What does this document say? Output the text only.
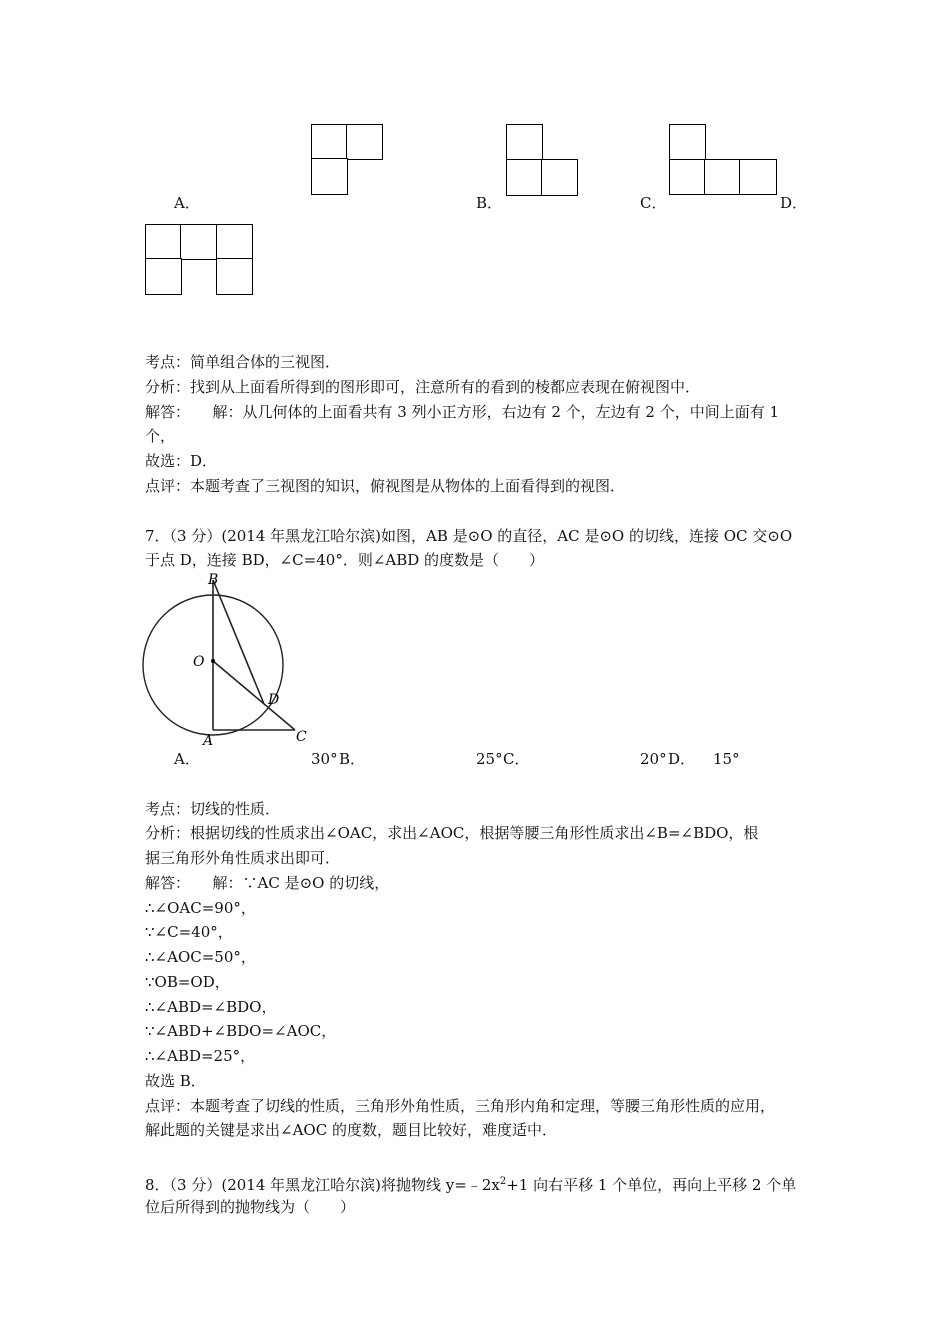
A．	B．	C．	D．
考点：简单组合体的三视图．
分析：找到从上面看所得到的图形即可，注意所有的看到的棱都应表现在俯视图中．
解答：　　解：从几何体的上面看共有 3 列小正方形，右边有 2 个，左边有 2 个，中间上面有 1
个，
故选：D．
点评：本题考查了三视图的知识，俯视图是从物体的上面看得到的视图．
7．（3 分）(2014 年黑龙江哈尔滨)如图，AB 是⊙O 的直径，AC 是⊙O 的切线，连接 OC 交⊙O
于点 D，连接 BD，∠C=40°．则∠ABD 的度数是（　　）
B
O
D
A	C
A．	30° B．	25° C．	20° D． 15°
考点：切线的性质．
分析：根据切线的性质求出∠OAC，求出∠AOC，根据等腰三角形性质求出∠B=∠BDO，根
据三角形外角性质求出即可．
解答：　　解：∵AC 是⊙O 的切线，
∴∠OAC=90°，
∵∠C=40°，
∴∠AOC=50°，
∵OB=OD，
∴∠ABD=∠BDO，
∵∠ABD+∠BDO=∠AOC，
∴∠ABD=25°，
故选 B．
点评：本题考查了切线的性质，三角形外角性质，三角形内角和定理，等腰三角形性质的应用，
解此题的关键是求出∠AOC 的度数，题目比较好，难度适中．
8．（3 分）(2014 年黑龙江哈尔滨)将抛物线 $y=﹣2x^2+1$ 向右平移 1 个单位，再向上平移 2 个单
位后所得到的抛物线为（　　）
